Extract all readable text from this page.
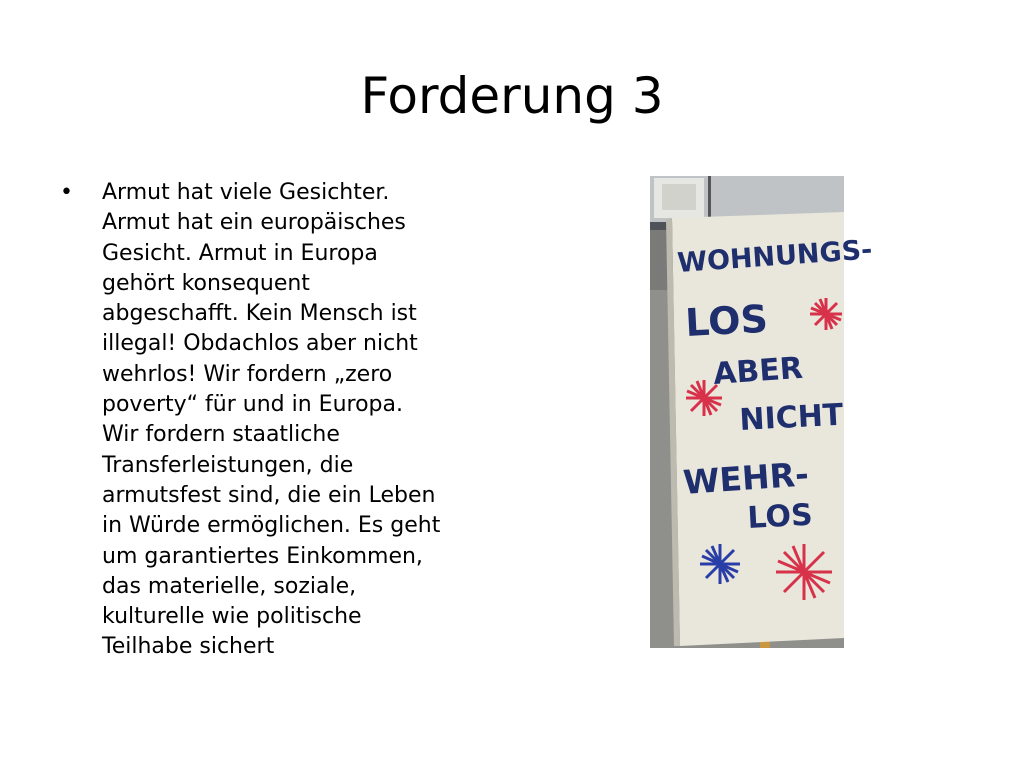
Forderung 3
•	Armut hat viele Gesichter.
Armut hat ein europäisches
Gesicht. Armut in Europa
gehört konsequent
abgeschafft. Kein Mensch ist
illegal! Obdachlos aber nicht
wehrlos! Wir fordern „zero
poverty“ für und in Europa.
Wir fordern staatliche
Transferleistungen, die
armutsfest sind, die ein Leben
in Würde ermöglichen. Es geht
um garantiertes Einkommen,
das materielle, soziale,
kulturelle wie politische
Teilhabe sichert
WOHNUNGS-
LOS
ABER
NICHT
WEHR-
LOS
